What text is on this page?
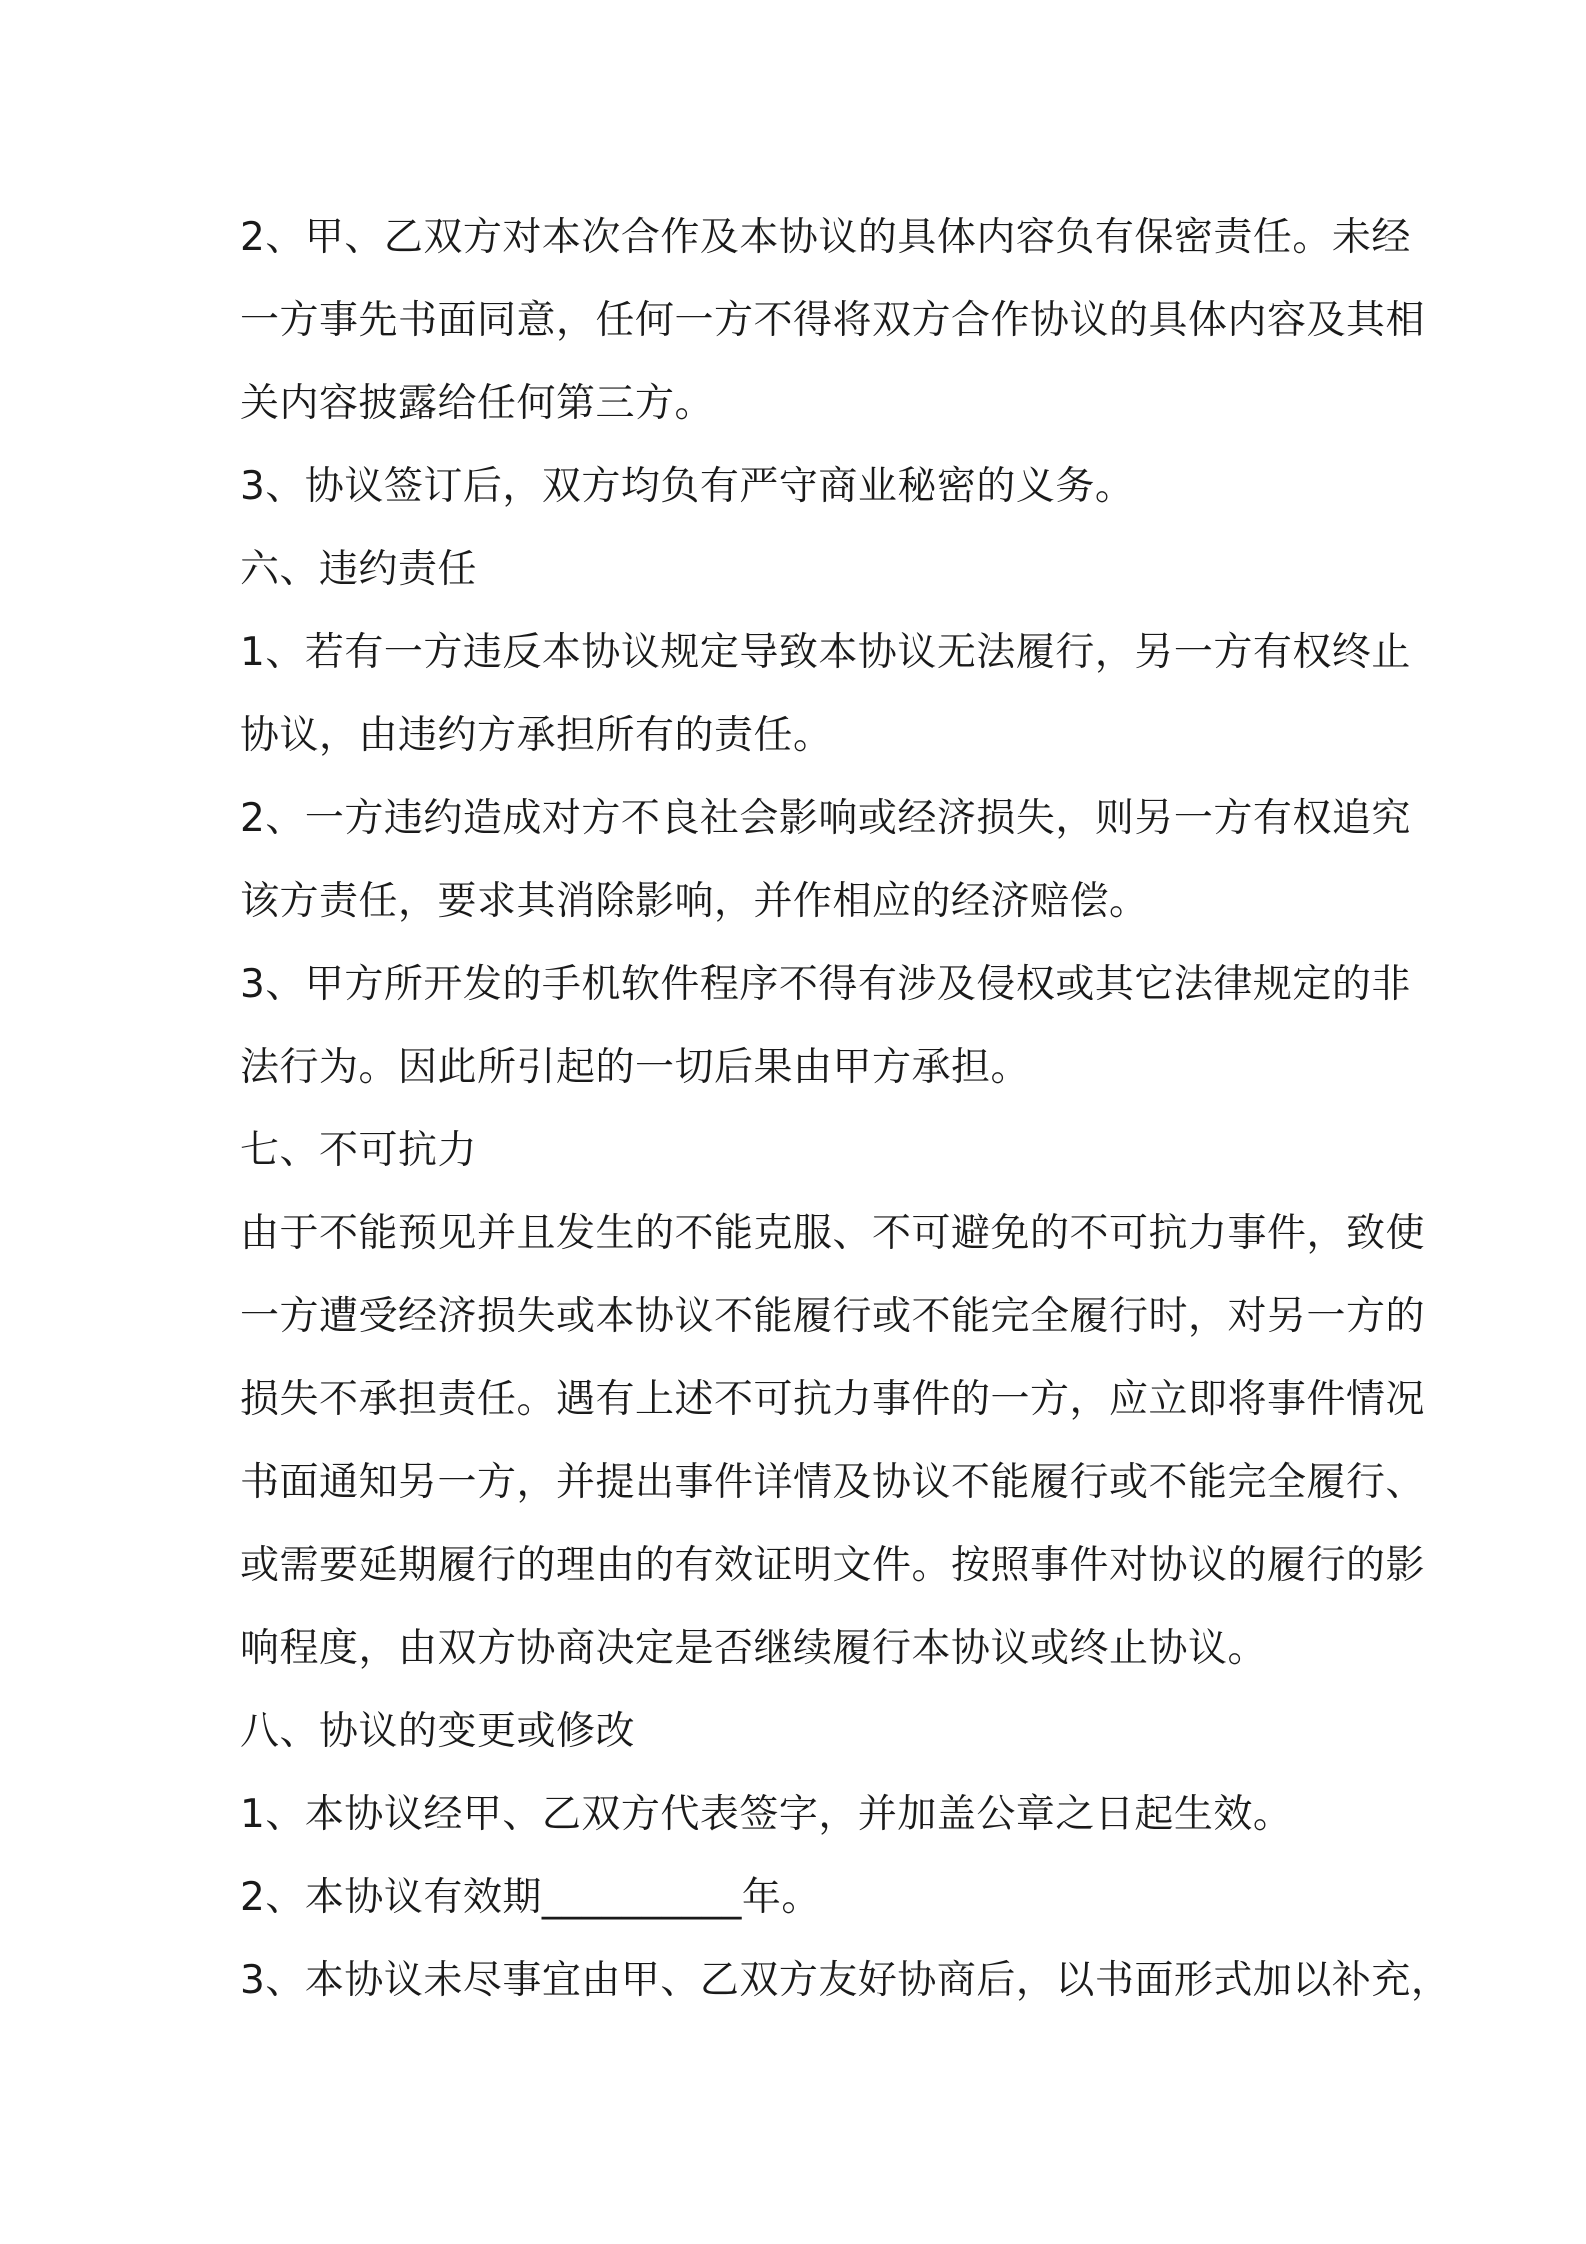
2、甲、乙双方对本次合作及本协议的具体内容负有保密责任。未经

一方事先书面同意，任何一方不得将双方合作协议的具体内容及其相

关内容披露给任何第三方。

3、协议签订后，双方均负有严守商业秘密的义务。

六、违约责任

1、若有一方违反本协议规定导致本协议无法履行，另一方有权终止

协议，由违约方承担所有的责任。

2、一方违约造成对方不良社会影响或经济损失，则另一方有权追究

该方责任，要求其消除影响，并作相应的经济赔偿。

3、甲方所开发的手机软件程序不得有涉及侵权或其它法律规定的非

法行为。因此所引起的一切后果由甲方承担。

七、不可抗力

由于不能预见并且发生的不能克服、不可避免的不可抗力事件，致使

一方遭受经济损失或本协议不能履行或不能完全履行时，对另一方的

损失不承担责任。遇有上述不可抗力事件的一方，应立即将事件情况

书面通知另一方，并提出事件详情及协议不能履行或不能完全履行、

或需要延期履行的理由的有效证明文件。按照事件对协议的履行的影

响程度，由双方协商决定是否继续履行本协议或终止协议。

八、协议的变更或修改

1、本协议经甲、乙双方代表签字，并加盖公章之日起生效。

2、本协议有效期__________年。

3、本协议未尽事宜由甲、乙双方友好协商后，以书面形式加以补充，
